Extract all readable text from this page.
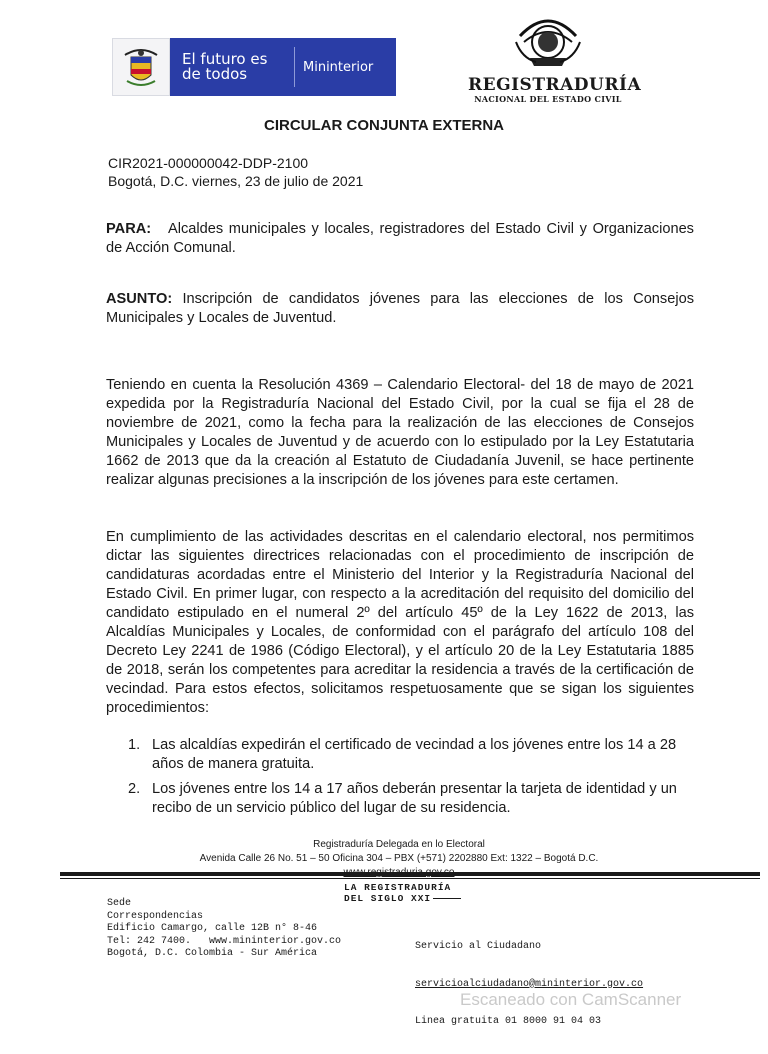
El futuro es de todos	Mininterior
REGISTRADURÍA
NACIONAL DEL ESTADO CIVIL
CIRCULAR CONJUNTA EXTERNA
CIR2021-000000042-DDP-2100
Bogotá, D.C. viernes, 23 de julio de 2021
PARA: Alcaldes municipales y locales, registradores del Estado Civil y Organizaciones de Acción Comunal.
ASUNTO: Inscripción de candidatos jóvenes para las elecciones de los Consejos Municipales y Locales de Juventud.
Teniendo en cuenta la Resolución 4369 – Calendario Electoral- del 18 de mayo de 2021 expedida por la Registraduría Nacional del Estado Civil, por la cual se fija el 28 de noviembre de 2021, como la fecha para la realización de las elecciones de Consejos Municipales y Locales de Juventud y de acuerdo con lo estipulado por la Ley Estatutaria 1662 de 2013 que da la creación al Estatuto de Ciudadanía Juvenil, se hace pertinente realizar algunas precisiones a la inscripción de los jóvenes para este certamen.
En cumplimiento de las actividades descritas en el calendario electoral, nos permitimos dictar las siguientes directrices relacionadas con el procedimiento de inscripción de candidaturas acordadas entre el Ministerio del Interior y la Registraduría Nacional del Estado Civil. En primer lugar, con respecto a la acreditación del requisito del domicilio del candidato estipulado en el numeral 2º del artículo 45º de la Ley 1622 de 2013, las Alcaldías Municipales y Locales, de conformidad con el parágrafo del artículo 108 del Decreto Ley 2241 de 1986 (Código Electoral), y el artículo 20 de la Ley Estatutaria 1885 de 2018, serán los competentes para acreditar la residencia a través de la certificación de vecindad. Para estos efectos, solicitamos respetuosamente que se sigan los siguientes procedimientos:
1. Las alcaldías expedirán el certificado de vecindad a los jóvenes entre los 14 a 28 años de manera gratuita.
2. Los jóvenes entre los 14 a 17 años deberán presentar la tarjeta de identidad y un recibo de un servicio público del lugar de su residencia.
Registraduría Delegada en lo Electoral
Avenida Calle 26 No. 51 – 50 Oficina 304 – PBX (+571) 2202880 Ext: 1322 – Bogotá D.C.
LA REGISTRADURÍA
DEL SIGLO XXI
Sede
Correspondencias
Edificio Camargo, calle 12B n° 8-46
Tel: 242 7400.   www.mininterior.gov.co
Bogotá, D.C. Colombia - Sur América

Servicio al Ciudadano

servicioalciudadano@mininterior.gov.co

Linea gratuita 01 8000 91 04 03

Escaneado con CamScanner
